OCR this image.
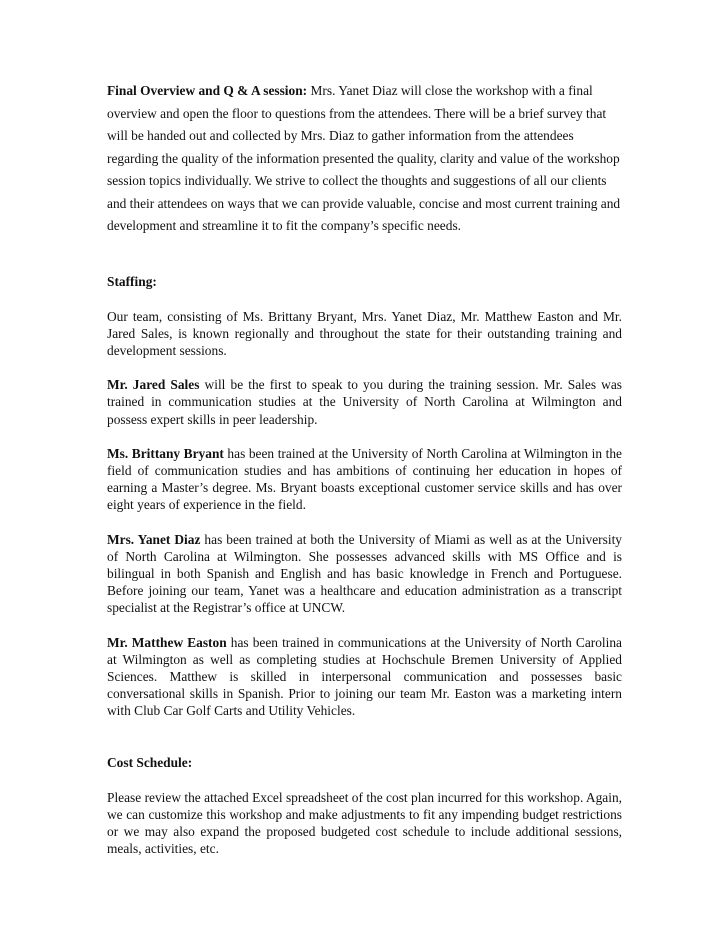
Final Overview and Q & A session: Mrs. Yanet Diaz will close the workshop with a final overview and open the floor to questions from the attendees. There will be a brief survey that will be handed out and collected by Mrs. Diaz to gather information from the attendees regarding the quality of the information presented the quality, clarity and value of the workshop session topics individually. We strive to collect the thoughts and suggestions of all our clients and their attendees on ways that we can provide valuable, concise and most current training and development and streamline it to fit the company’s specific needs.

Staffing:

Our team, consisting of Ms. Brittany Bryant, Mrs. Yanet Diaz, Mr. Matthew Easton and Mr. Jared Sales, is known regionally and throughout the state for their outstanding training and development sessions.

Mr. Jared Sales will be the first to speak to you during the training session. Mr. Sales was trained in communication studies at the University of North Carolina at Wilmington and possess expert skills in peer leadership.

Ms. Brittany Bryant has been trained at the University of North Carolina at Wilmington in the field of communication studies and has ambitions of continuing her education in hopes of earning a Master’s degree. Ms. Bryant boasts exceptional customer service skills and has over eight years of experience in the field.

Mrs. Yanet Diaz has been trained at both the University of Miami as well as at the University of North Carolina at Wilmington. She possesses advanced skills with MS Office and is bilingual in both Spanish and English and has basic knowledge in French and Portuguese. Before joining our team, Yanet was a healthcare and education administration as a transcript specialist at the Registrar’s office at UNCW.

Mr. Matthew Easton has been trained in communications at the University of North Carolina at Wilmington as well as completing studies at Hochschule Bremen University of Applied Sciences. Matthew is skilled in interpersonal communication and possesses basic conversational skills in Spanish. Prior to joining our team Mr. Easton was a marketing intern with Club Car Golf Carts and Utility Vehicles.

Cost Schedule:

Please review the attached Excel spreadsheet of the cost plan incurred for this workshop. Again, we can customize this workshop and make adjustments to fit any impending budget restrictions or we may also expand the proposed budgeted cost schedule to include additional sessions, meals, activities, etc.
